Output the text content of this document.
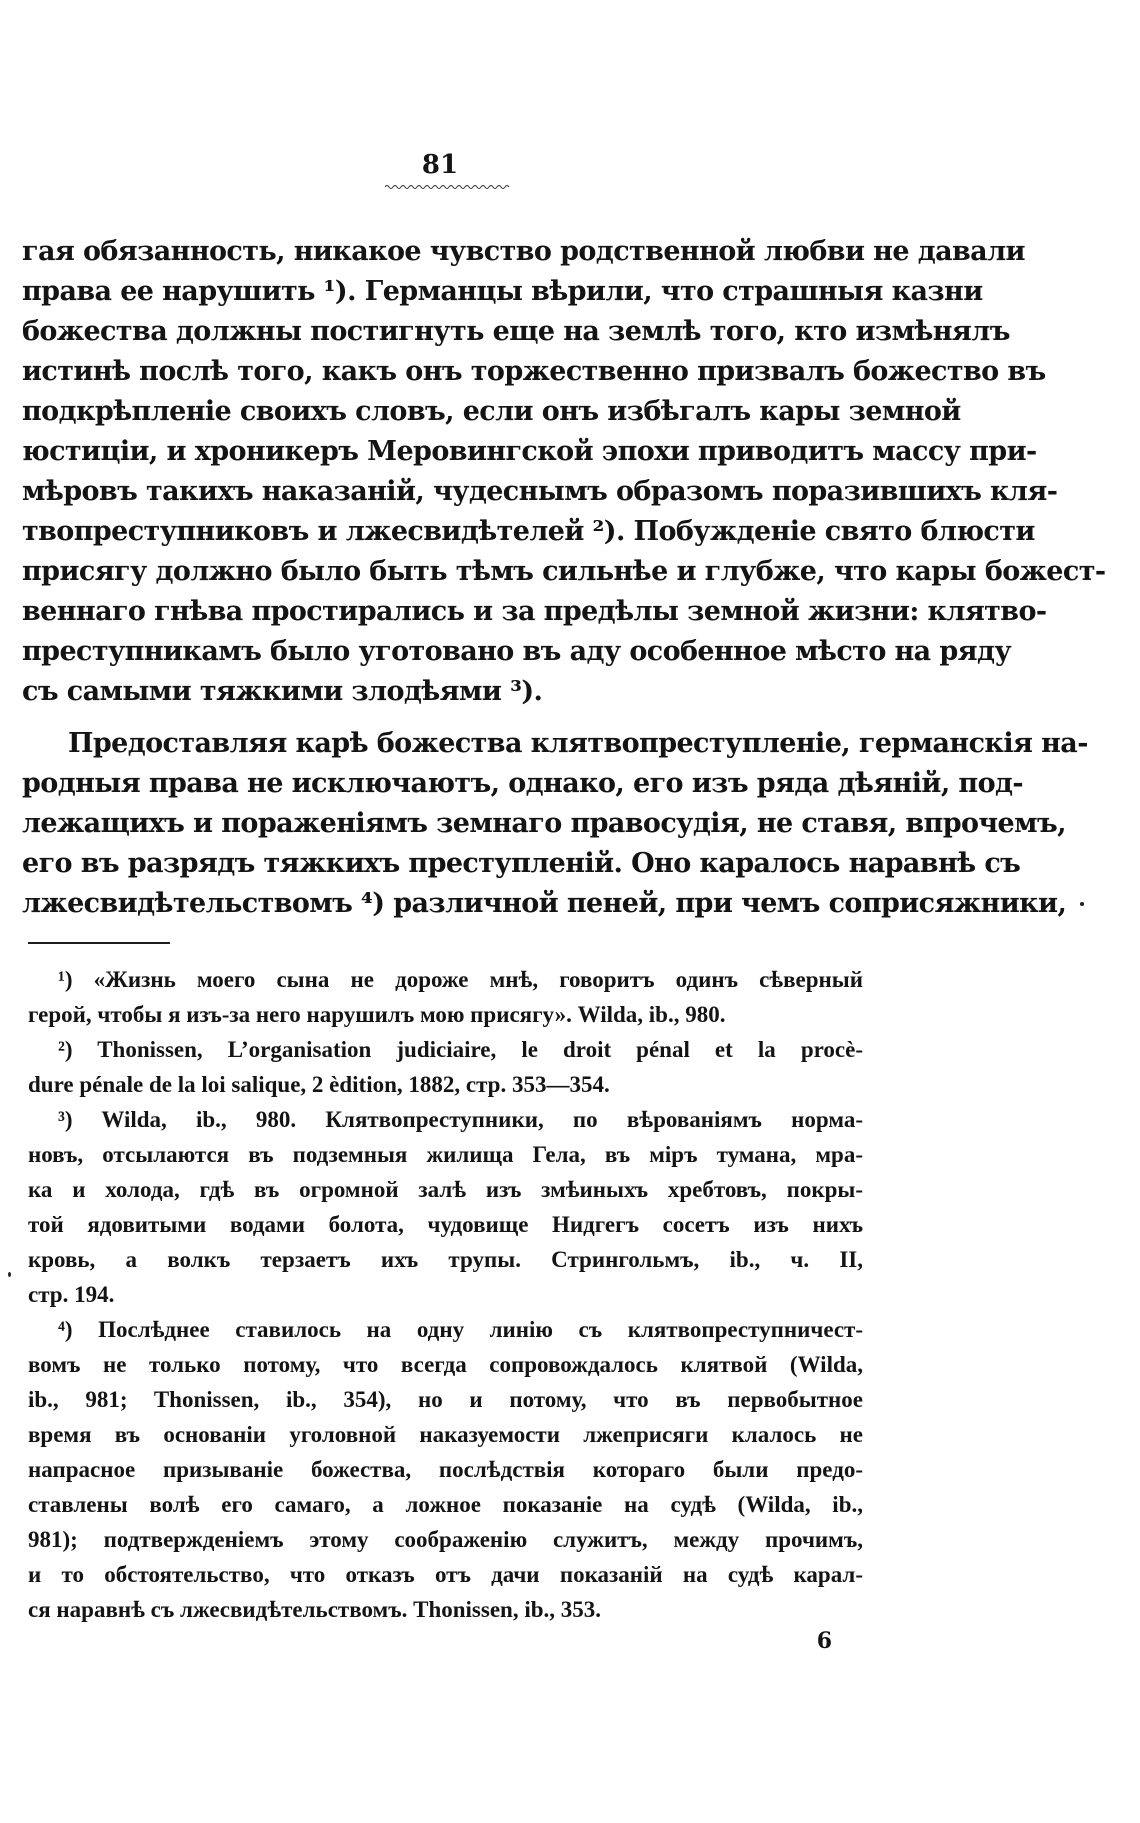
81
гая обязанность, никакое чувство родственной любви не давали
права ее нарушить ¹). Германцы вѣрили, что страшныя казни
божества должны постигнуть еще на землѣ того, кто измѣнялъ
истинѣ послѣ того, какъ онъ торжественно призвалъ божество въ
подкрѣпленіе своихъ словъ, если онъ избѣгалъ кары земной
юстиціи, и хроникеръ Меровингской эпохи приводитъ массу при-
мѣровъ такихъ наказаній, чудеснымъ образомъ поразившихъ кля-
твопреступниковъ и лжесвидѣтелей ²). Побужденіе свято блюсти
присягу должно было быть тѣмъ сильнѣе и глубже, что кары божест-
веннаго гнѣва простирались и за предѣлы земной жизни: клятво-
преступникамъ было уготовано въ аду особенное мѣсто на ряду
съ самыми тяжкими злодѣями ³).
Предоставляя карѣ божества клятвопреступленіе, германскія на-
родныя права не исключаютъ, однако, его изъ ряда дѣяній, под-
лежащихъ и пораженіямъ земнаго правосудія, не ставя, впрочемъ,
его въ разрядъ тяжкихъ преступленій. Оно каралось наравнѣ съ
лжесвидѣтельствомъ ⁴) различной пеней, при чемъ соприсяжники,
¹) «Жизнь моего сына не дороже мнѣ, говоритъ одинъ сѣверный
герой, чтобы я изъ-за него нарушилъ мою присягу». Wilda, ib., 980.
²) Thonissen, L’organisation judiciaire, le droit pénal et la procè-
dure pénale de la loi salique, 2 èdition, 1882, стр. 353—354.
³) Wilda, ib., 980. Клятвопреступники, по вѣрованіямъ норма-
новъ, отсылаются въ подземныя жилища Гела, въ міръ тумана, мра-
ка и холода, гдѣ въ огромной залѣ изъ змѣиныхъ хребтовъ, покры-
той ядовитыми водами болота, чудовище Нидгегъ сосетъ изъ нихъ
кровь, а волкъ терзаетъ ихъ трупы. Стрингольмъ, ib., ч. II,
стр. 194.
⁴) Послѣднее ставилось на одну линію съ клятвопреступничест-
вомъ не только потому, что всегда сопровождалось клятвой (Wilda,
ib., 981; Thonissen, ib., 354), но и потому, что въ первобытное
время въ основаніи уголовной наказуемости лжеприсяги клалось не
напрасное призываніе божества, послѣдствія котораго были предо-
ставлены волѣ его самаго, а ложное показаніе на судѣ (Wilda, ib.,
981); подтвержденіемъ этому соображенію служитъ, между прочимъ,
и то обстоятельство, что отказъ отъ дачи показаній на судѣ карал-
ся наравнѣ съ лжесвидѣтельствомъ. Thonissen, ib., 353.
6
